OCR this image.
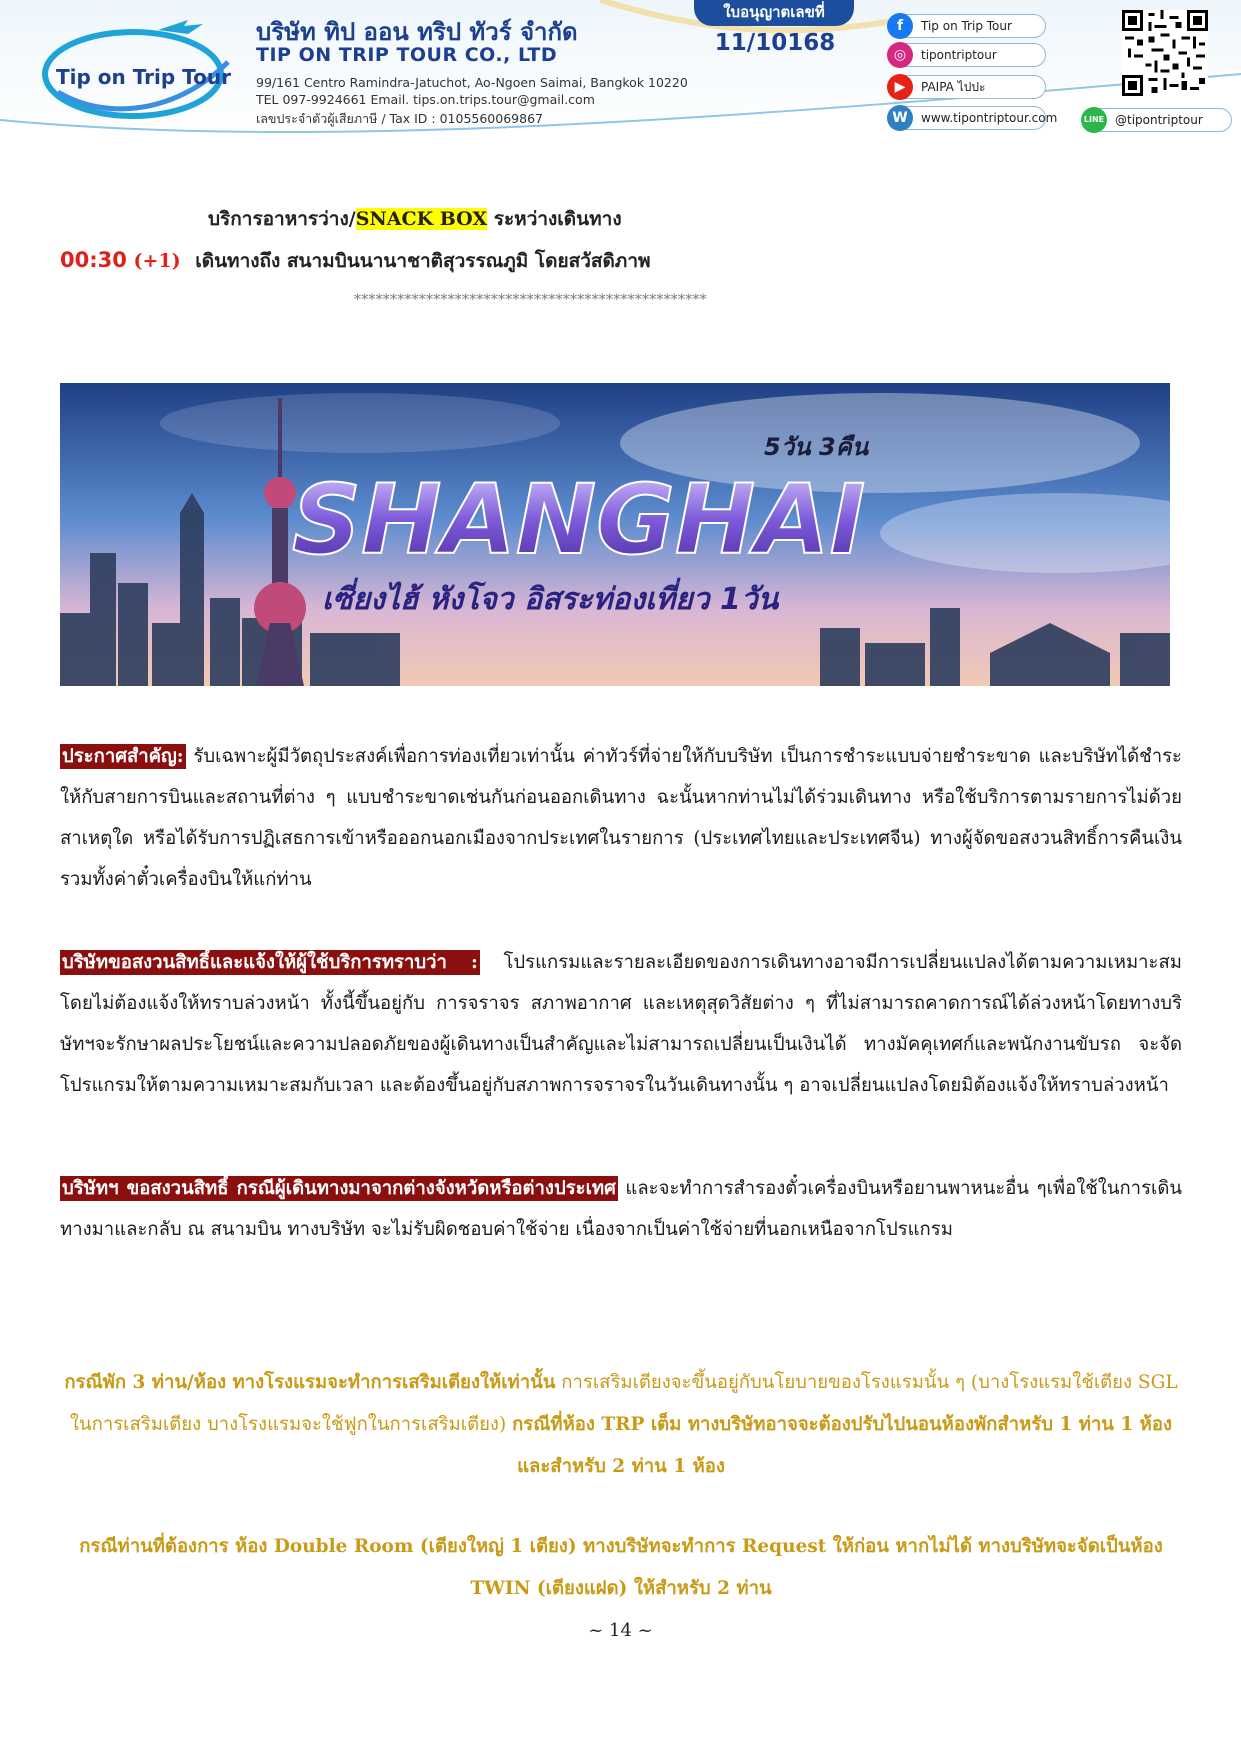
Tip on Trip Tour
บริษัท ทิป ออน ทริป ทัวร์ จำกัด
TIP ON TRIP TOUR CO., LTD
99/161 Centro Ramindra-Jatuchot, Ao-Ngoen Saimai, Bangkok 10220
TEL 097-9924661 Email. tips.on.trips.tour@gmail.com
เลขประจำตัวผู้เสียภาษี / Tax ID : 0105560069867
ใบอนุญาตเลขที่
11/10168
f	Tip on Trip Tour
◎	tipontriptour
▶	PAIPA ไปปะ
W	www.tipontriptour.com	LINE @tipontriptour
บริการอาหารว่าง/SNACK BOX ระหว่างเดินทาง
00:30 (+1) เดินทางถึง สนามบินนานาชาติสุวรรณภูมิ โดยสวัสดิภาพ
*************************************************
5วัน 3คืน
SHANGHAI
เซี่ยงไฮ้ หังโจว อิสระท่องเที่ยว 1วัน
ประกาศสำคัญ: รับเฉพาะผู้มีวัตถุประสงค์เพื่อการท่องเที่ยวเท่านั้น ค่าทัวร์ที่จ่ายให้กับบริษัท เป็นการชำระแบบจ่ายชำระขาด และบริษัทได้ชำระให้กับสายการบินและสถานที่ต่าง ๆ แบบชำระขาดเช่นกันก่อนออกเดินทาง ฉะนั้นหากท่านไม่ได้ร่วมเดินทาง หรือใช้บริการตามรายการไม่ด้วยสาเหตุใด หรือได้รับการปฏิเสธการเข้าหรือออกนอกเมืองจากประเทศในรายการ (ประเทศไทยและประเทศจีน) ทางผู้จัดขอสงวนสิทธิ์การคืนเงินรวมทั้งค่าตั๋วเครื่องบินให้แก่ท่าน
บริษัทขอสงวนสิทธิ์และแจ้งให้ผู้ใช้บริการทราบว่า : โปรแกรมและรายละเอียดของการเดินทางอาจมีการเปลี่ยนแปลงได้ตามความเหมาะสม โดยไม่ต้องแจ้งให้ทราบล่วงหน้า ทั้งนี้ขึ้นอยู่กับ การจราจร สภาพอากาศ และเหตุสุดวิสัยต่าง ๆ ที่ไม่สามารถคาดการณ์ได้ล่วงหน้าโดยทางบริษัทฯจะรักษาผลประโยชน์และความปลอดภัยของผู้เดินทางเป็นสำคัญและไม่สามารถเปลี่ยนเป็นเงินได้ ทางมัคคุเทศก์และพนักงานขับรถ จะจัดโปรแกรมให้ตามความเหมาะสมกับเวลา และต้องขึ้นอยู่กับสภาพการจราจรในวันเดินทางนั้น ๆ อาจเปลี่ยนแปลงโดยมิต้องแจ้งให้ทราบล่วงหน้า
บริษัทฯ ขอสงวนสิทธิ์ กรณีผู้เดินทางมาจากต่างจังหวัดหรือต่างประเทศ และจะทำการสำรองตั๋วเครื่องบินหรือยานพาหนะอื่น ๆเพื่อใช้ในการเดินทางมาและกลับ ณ สนามบิน ทางบริษัท จะไม่รับผิดชอบค่าใช้จ่าย เนื่องจากเป็นค่าใช้จ่ายที่นอกเหนือจากโปรแกรม
กรณีพัก 3 ท่าน/ห้อง ทางโรงแรมจะทำการเสริมเตียงให้เท่านั้น การเสริมเตียงจะขึ้นอยู่กับนโยบายของโรงแรมนั้น ๆ (บางโรงแรมใช้เตียง SGL ในการเสริมเตียง บางโรงแรมจะใช้ฟูกในการเสริมเตียง) กรณีที่ห้อง TRP เต็ม ทางบริษัทอาจจะต้องปรับไปนอนห้องพักสำหรับ 1 ท่าน 1 ห้องและสำหรับ 2 ท่าน 1 ห้อง
กรณีท่านที่ต้องการ ห้อง Double Room (เตียงใหญ่ 1 เตียง) ทางบริษัทจะทำการ Request ให้ก่อน หากไม่ได้ ทางบริษัทจะจัดเป็นห้อง TWIN (เตียงแฝด) ให้สำหรับ 2 ท่าน
~ 14 ~
